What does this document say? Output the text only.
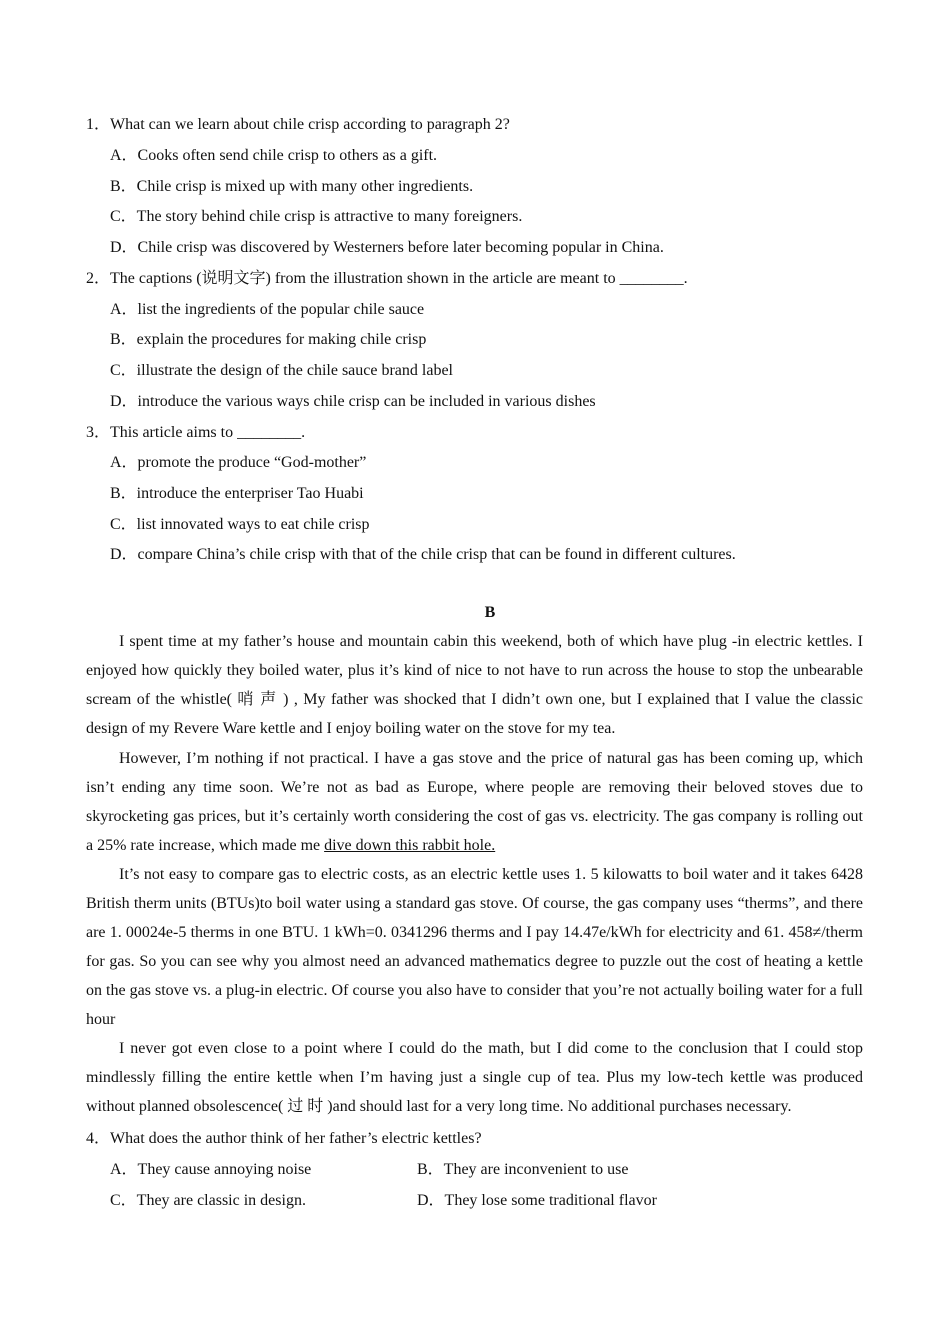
1．What can we learn about chile crisp according to paragraph 2?
A．Cooks often send chile crisp to others as a gift.
B．Chile crisp is mixed up with many other ingredients.
C．The story behind chile crisp is attractive to many foreigners.
D．Chile crisp was discovered by Westerners before later becoming popular in China.
2．The captions (说明文字) from the illustration shown in the article are meant to ________.
A．list the ingredients of the popular chile sauce
B．explain the procedures for making chile crisp
C．illustrate the design of the chile sauce brand label
D．introduce the various ways chile crisp can be included in various dishes
3．This article aims to ________.
A．promote the produce “God-mother”
B．introduce the enterpriser Tao Huabi
C．list innovated ways to eat chile crisp
D．compare China’s chile crisp with that of the chile crisp that can be found in different cultures.
B

I spent time at my father’s house and mountain cabin this weekend, both of which have plug -in electric kettles. I enjoyed how quickly they boiled water, plus it’s kind of nice to not have to run across the house to stop the unbearable scream of the whistle( 哨 声 ) , My father was shocked that I didn’t own one, but I explained that I value the classic design of my Revere Ware kettle and I enjoy boiling water on the stove for my tea.

However, I’m nothing if not practical. I have a gas stove and the price of natural gas has been coming up, which isn’t ending any time soon. We’re not as bad as Europe, where people are removing their beloved stoves due to skyrocketing gas prices, but it’s certainly worth considering the cost of gas vs. electricity. The gas company is rolling out a 25% rate increase, which made me dive down this rabbit hole.

It’s not easy to compare gas to electric costs, as an electric kettle uses 1. 5 kilowatts to boil water and it takes 6428 British therm units (BTUs)to boil water using a standard gas stove. Of course, the gas company uses “therms”, and there are 1. 00024e-5 therms in one BTU. 1 kWh=0. 0341296 therms and I pay 14.47e/kWh for electricity and 61. 458≠/therm for gas. So you can see why you almost need an advanced mathematics degree to puzzle out the cost of heating a kettle on the gas stove vs. a plug-in electric. Of course you also have to consider that you’re not actually boiling water for a full hour

I never got even close to a point where I could do the math, but I did come to the conclusion that I could stop mindlessly filling the entire kettle when I’m having just a single cup of tea. Plus my low-tech kettle was produced without planned obsolescence( 过 时 )and should last for a very long time. No additional purchases necessary.

4．What does the author think of her father’s electric kettles?
A．They cause annoying noise	B．They are inconvenient to use
C．They are classic in design.	D．They lose some traditional flavor
